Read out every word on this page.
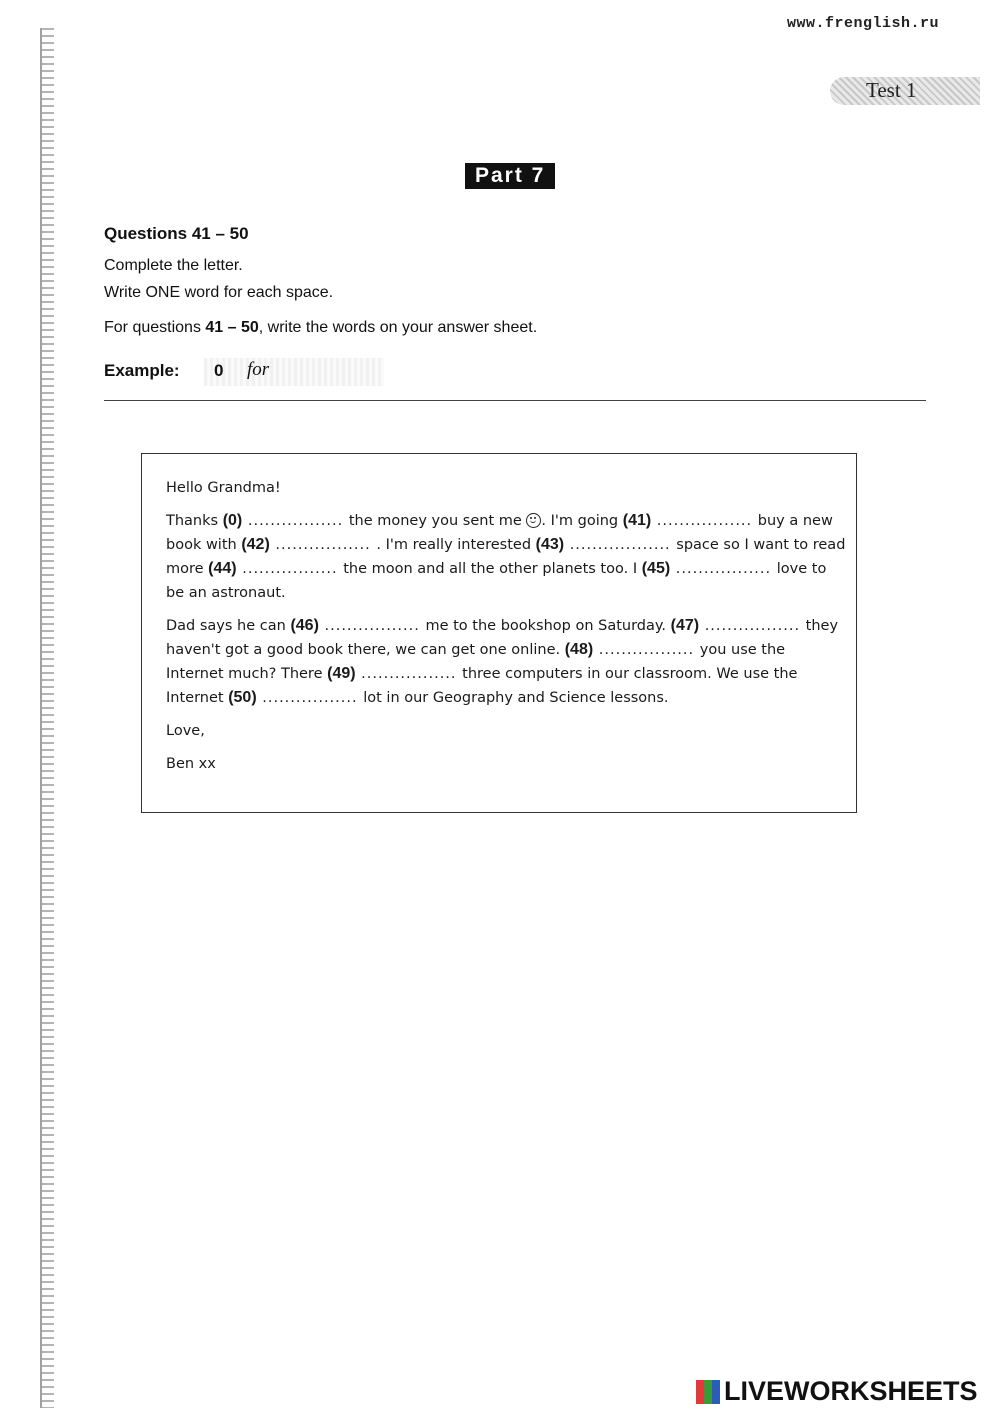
www.frenglish.ru
Test 1
Part 7
Questions 41 – 50
Complete the letter.
Write ONE word for each space.
For questions 41 – 50, write the words on your answer sheet.
Example: 0 for

Hello Grandma!

Thanks (0) ................. the money you sent me . I'm going (41) ................. buy a new book with (42) ................. . I'm really interested (43) .................. space so I want to read more (44) ................. the moon and all the other planets too. I (45) ................. love to be an astronaut.

Dad says he can (46) ................. me to the bookshop on Saturday. (47) ................. they haven't got a good book there, we can get one online. (48) ................. you use the Internet much? There (49) ................. three computers in our classroom. We use the Internet (50) ................. lot in our Geography and Science lessons.

Love,

Ben xx

LIVEWORKSHEETS
